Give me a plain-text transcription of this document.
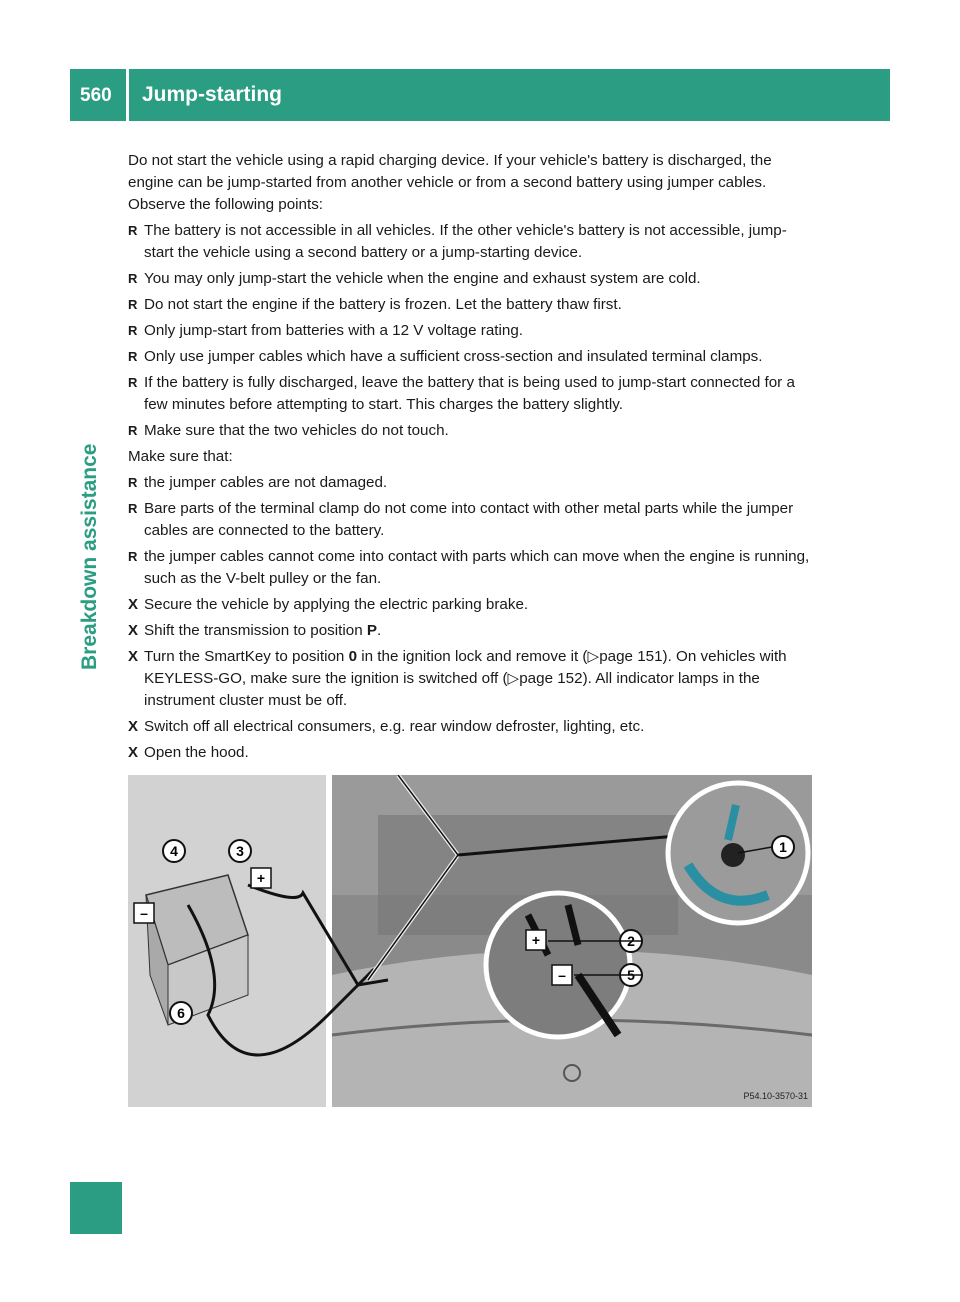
560 Jump-starting
Breakdown assistance

Do not start the vehicle using a rapid charging device. If your vehicle's battery is discharged, the engine can be jump-started from another vehicle or from a second battery using jumper cables. Observe the following points:

R The battery is not accessible in all vehicles. If the other vehicle's battery is not accessible, jump-start the vehicle using a second battery or a jump-starting device.
R You may only jump-start the vehicle when the engine and exhaust system are cold.
R Do not start the engine if the battery is frozen. Let the battery thaw first.
R Only jump-start from batteries with a 12 V voltage rating.
R Only use jumper cables which have a sufficient cross-section and insulated terminal clamps.
R If the battery is fully discharged, leave the battery that is being used to jump-start connected for a few minutes before attempting to start. This charges the battery slightly.
R Make sure that the two vehicles do not touch.

Make sure that:

R the jumper cables are not damaged.
R Bare parts of the terminal clamp do not come into contact with other metal parts while the jumper cables are connected to the battery.
R the jumper cables cannot come into contact with parts which can move when the engine is running, such as the V-belt pulley or the fan.
X Secure the vehicle by applying the electric parking brake.
X Shift the transmission to position P.
X Turn the SmartKey to position 0 in the ignition lock and remove it (▷page 151). On vehicles with KEYLESS-GO, make sure the ignition is switched off (▷page 152). All indicator lamps in the instrument cluster must be off.
X Switch off all electrical consumers, e.g. rear window defroster, lighting, etc.
X Open the hood.
1
2
3
4
5
6
+
–
+
–
P54.10-3570-31
